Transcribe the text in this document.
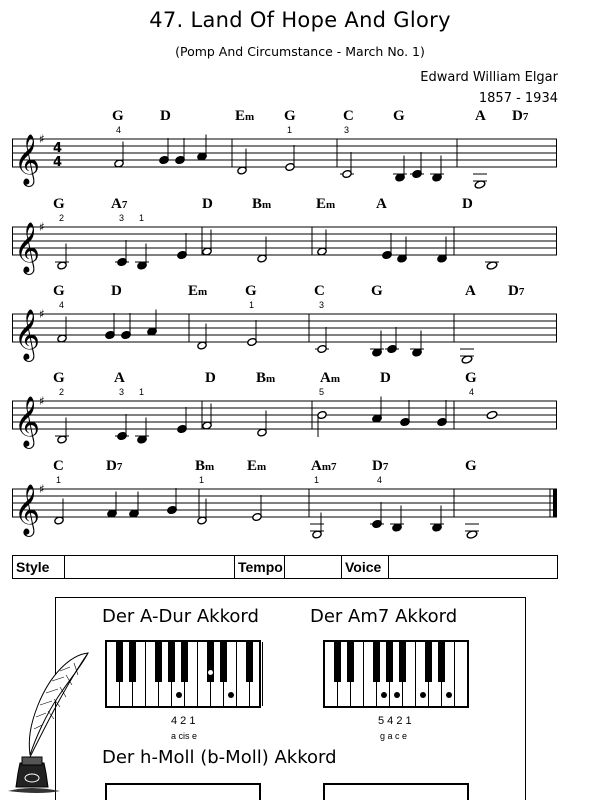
47. Land Of Hope And Glory
(Pomp And Circumstance - March No. 1)
Edward William Elgar
1857 - 1934
G D	Em G	C	G	A D7
𝄞
♯
4
4
4	1	3
G	A7	D	Bm	Em	A	D
𝄞
♯
2	3 1
G	D	Em	G	C	G	A D7
𝄞
♯
4	1	3
G	A	D	Bm	Am	D	G
𝄞
♯
2	3 1	5	4
C	D7	Bm Em	Am7 D7	G
𝄞
♯
1	1	1	4
Style	Tempo	Voice
Der A-Dur Akkord	Der Am7 Akkord
4 2 1
a cis e
5 4 2 1
g a c e
Der h-Moll (b-Moll) Akkord
